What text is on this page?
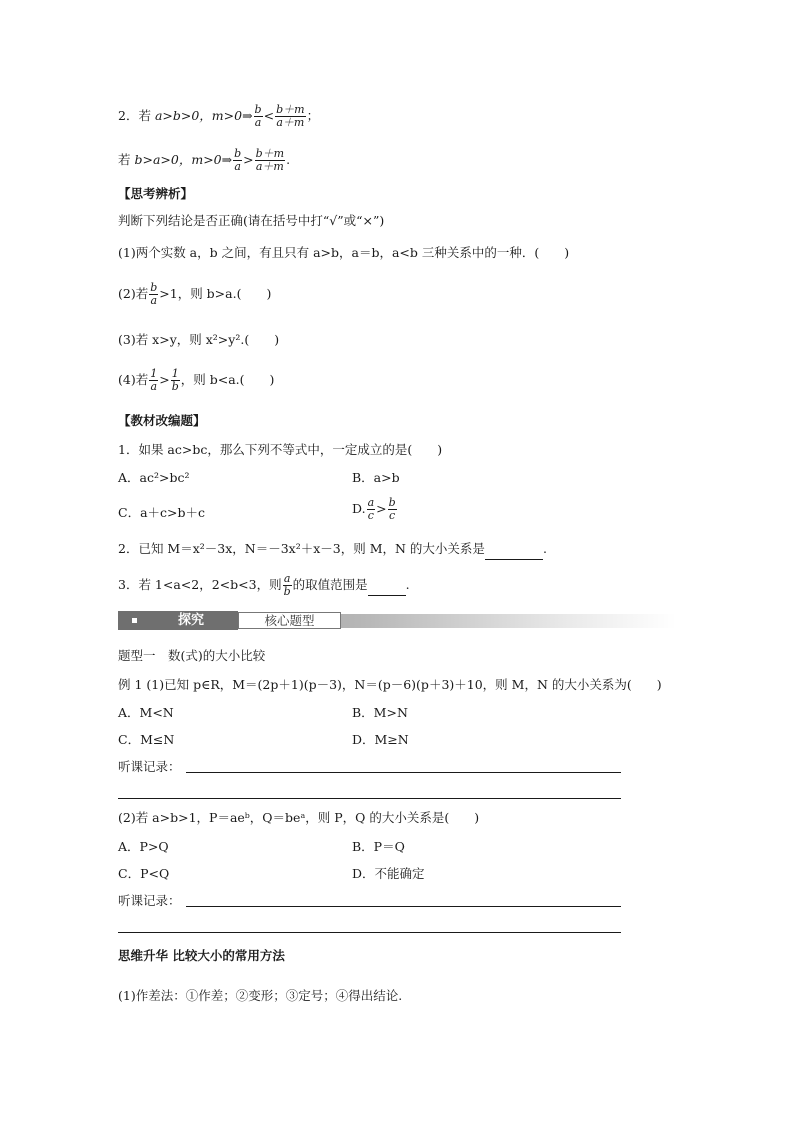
2．若 a>b>0，m>0⇒ $\frac{b}{a} < \frac{b+m}{a+m}$ ；
若 b>a>0，m>0⇒ $\frac{b}{a} > \frac{b+m}{a+m}$ .
【思考辨析】
判断下列结论是否正确(请在括号中打“√”或“×”)
(1)两个实数 a，b 之间，有且只有 a>b，a＝b，a<b 三种关系中的一种．(　　)
(2)若 $\frac{b}{a} >1$，则 b>a.(　　)
(3)若 x>y，则 x²>y².(　　)
(4)若 $\frac{1}{a} > \frac{1}{b}$ ，则 b<a.(　　)
【教材改编题】
1．如果 ac>bc，那么下列不等式中，一定成立的是(　　)
A．ac²>bc²	B．a>b
C．a＋c>b＋c	D. $\frac{a}{c} > \frac{b}{c}$
2．已知 M＝x²－3x，N＝－3x²＋x－3，则 M，N 的大小关系是	.
3．若 1<a<2，2<b<3，则 $\frac{a}{b}$ 的取值范围是	.
探究	核心题型
题型一　数(式)的大小比较
例 1 (1)已知 p∈R，M＝(2p＋1)(p－3)，N＝(p－6)(p＋3)＋10，则 M，N 的大小关系为(　　)
A．M<N	B．M>N
C．M≤N	D．M≥N
听课记录：
(2)若 a>b>1，P＝aeᵇ，Q＝beᵃ，则 P，Q 的大小关系是(　　)
A．P>Q	B．P＝Q
C．P<Q	D．不能确定
听课记录：
思维升华 比较大小的常用方法
(1)作差法：①作差；②变形；③定号；④得出结论.
